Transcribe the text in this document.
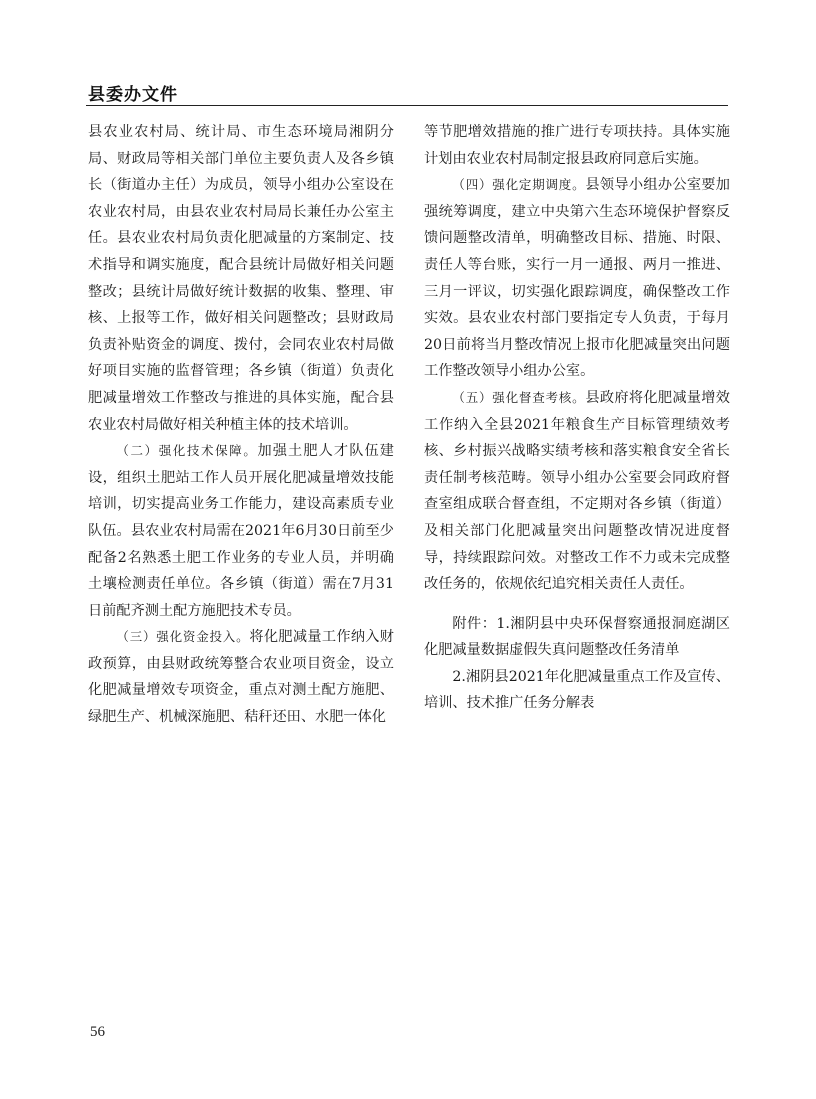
县委办文件

县农业农村局、统计局、市生态环境局湘阴分局、财政局等相关部门单位主要负责人及各乡镇长（街道办主任）为成员，领导小组办公室设在农业农村局，由县农业农村局局长兼任办公室主任。县农业农村局负责化肥减量的方案制定、技术指导和调实施度，配合县统计局做好相关问题整改；县统计局做好统计数据的收集、整理、审核、上报等工作，做好相关问题整改；县财政局负责补贴资金的调度、拨付，会同农业农村局做好项目实施的监督管理；各乡镇（街道）负责化肥减量增效工作整改与推进的具体实施，配合县农业农村局做好相关种植主体的技术培训。

（二）强化技术保障。加强土肥人才队伍建设，组织土肥站工作人员开展化肥减量增效技能培训，切实提高业务工作能力，建设高素质专业队伍。县农业农村局需在2021年6月30日前至少配备2名熟悉土肥工作业务的专业人员，并明确土壤检测责任单位。各乡镇（街道）需在7月31日前配齐测土配方施肥技术专员。

（三）强化资金投入。将化肥减量工作纳入财政预算，由县财政统筹整合农业项目资金，设立化肥减量增效专项资金，重点对测土配方施肥、绿肥生产、机械深施肥、秸秆还田、水肥一体化

等节肥增效措施的推广进行专项扶持。具体实施计划由农业农村局制定报县政府同意后实施。

（四）强化定期调度。县领导小组办公室要加强统筹调度，建立中央第六生态环境保护督察反馈问题整改清单，明确整改目标、措施、时限、责任人等台账，实行一月一通报、两月一推进、三月一评议，切实强化跟踪调度，确保整改工作实效。县农业农村部门要指定专人负责，于每月20日前将当月整改情况上报市化肥减量突出问题工作整改领导小组办公室。

（五）强化督查考核。县政府将化肥减量增效工作纳入全县2021年粮食生产目标管理绩效考核、乡村振兴战略实绩考核和落实粮食安全省长责任制考核范畴。领导小组办公室要会同政府督查室组成联合督查组，不定期对各乡镇（街道）及相关部门化肥减量突出问题整改情况进度督导，持续跟踪问效。对整改工作不力或未完成整改任务的，依规依纪追究相关责任人责任。

附件：1.湘阴县中央环保督察通报洞庭湖区化肥减量数据虚假失真问题整改任务清单

2.湘阴县2021年化肥减量重点工作及宣传、培训、技术推广任务分解表

56
